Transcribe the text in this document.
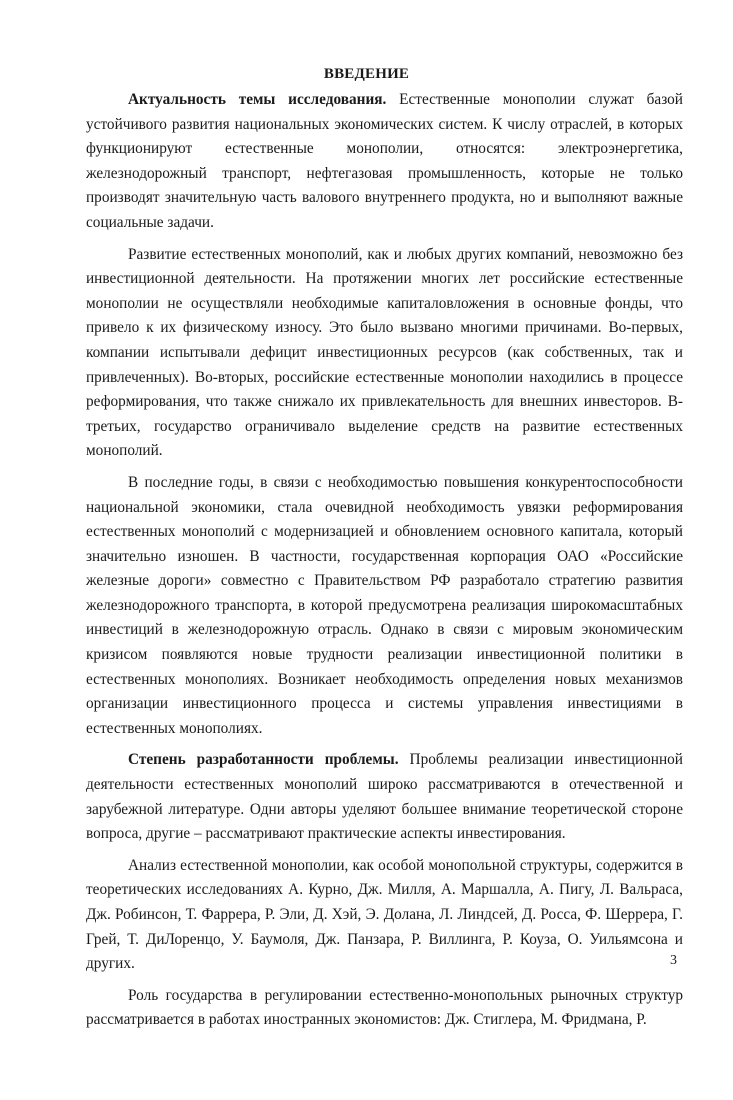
ВВЕДЕНИЕ

Актуальность темы исследования. Естественные монополии служат базой устойчивого развития национальных экономических систем. К числу отраслей, в которых функционируют естественные монополии, относятся: электроэнергетика, железнодорожный транспорт, нефтегазовая промышленность, которые не только производят значительную часть валового внутреннего продукта, но и выполняют важные социальные задачи.

Развитие естественных монополий, как и любых других компаний, невозможно без инвестиционной деятельности. На протяжении многих лет российские естественные монополии не осуществляли необходимые капиталовложения в основные фонды, что привело к их физическому износу. Это было вызвано многими причинами. Во-первых, компании испытывали дефицит инвестиционных ресурсов (как собственных, так и привлеченных). Во-вторых, российские естественные монополии находились в процессе реформирования, что также снижало их привлекательность для внешних инвесторов. В-третьих, государство ограничивало выделение средств на развитие естественных монополий.

В последние годы, в связи с необходимостью повышения конкурентоспособности национальной экономики, стала очевидной необходимость увязки реформирования естественных монополий с модернизацией и обновлением основного капитала, который значительно изношен. В частности, государственная корпорация ОАО «Российские железные дороги» совместно с Правительством РФ разработало стратегию развития железнодорожного транспорта, в которой предусмотрена реализация широкомасштабных инвестиций в железнодорожную отрасль. Однако в связи с мировым экономическим кризисом появляются новые трудности реализации инвестиционной политики в естественных монополиях. Возникает необходимость определения новых механизмов организации инвестиционного процесса и системы управления инвестициями в естественных монополиях.

Степень разработанности проблемы. Проблемы реализации инвестиционной деятельности естественных монополий широко рассматриваются в отечественной и зарубежной литературе. Одни авторы уделяют большее внимание теоретической стороне вопроса, другие – рассматривают практические аспекты инвестирования.

Анализ естественной монополии, как особой монопольной структуры, содержится в теоретических исследованиях А. Курно, Дж. Милля, А. Маршалла, А. Пигу, Л. Вальраса, Дж. Робинсон, Т. Фаррера, Р. Эли, Д. Хэй, Э. Долана, Л. Линдсей, Д. Росса, Ф. Шеррера, Г. Грей, Т. ДиЛоренцо, У. Баумоля, Дж. Панзара, Р. Виллинга, Р. Коуза, О. Уильямсона и других.

Роль государства в регулировании естественно-монопольных рыночных структур рассматривается в работах иностранных экономистов: Дж. Стиглера, М. Фридмана, Р.

3
